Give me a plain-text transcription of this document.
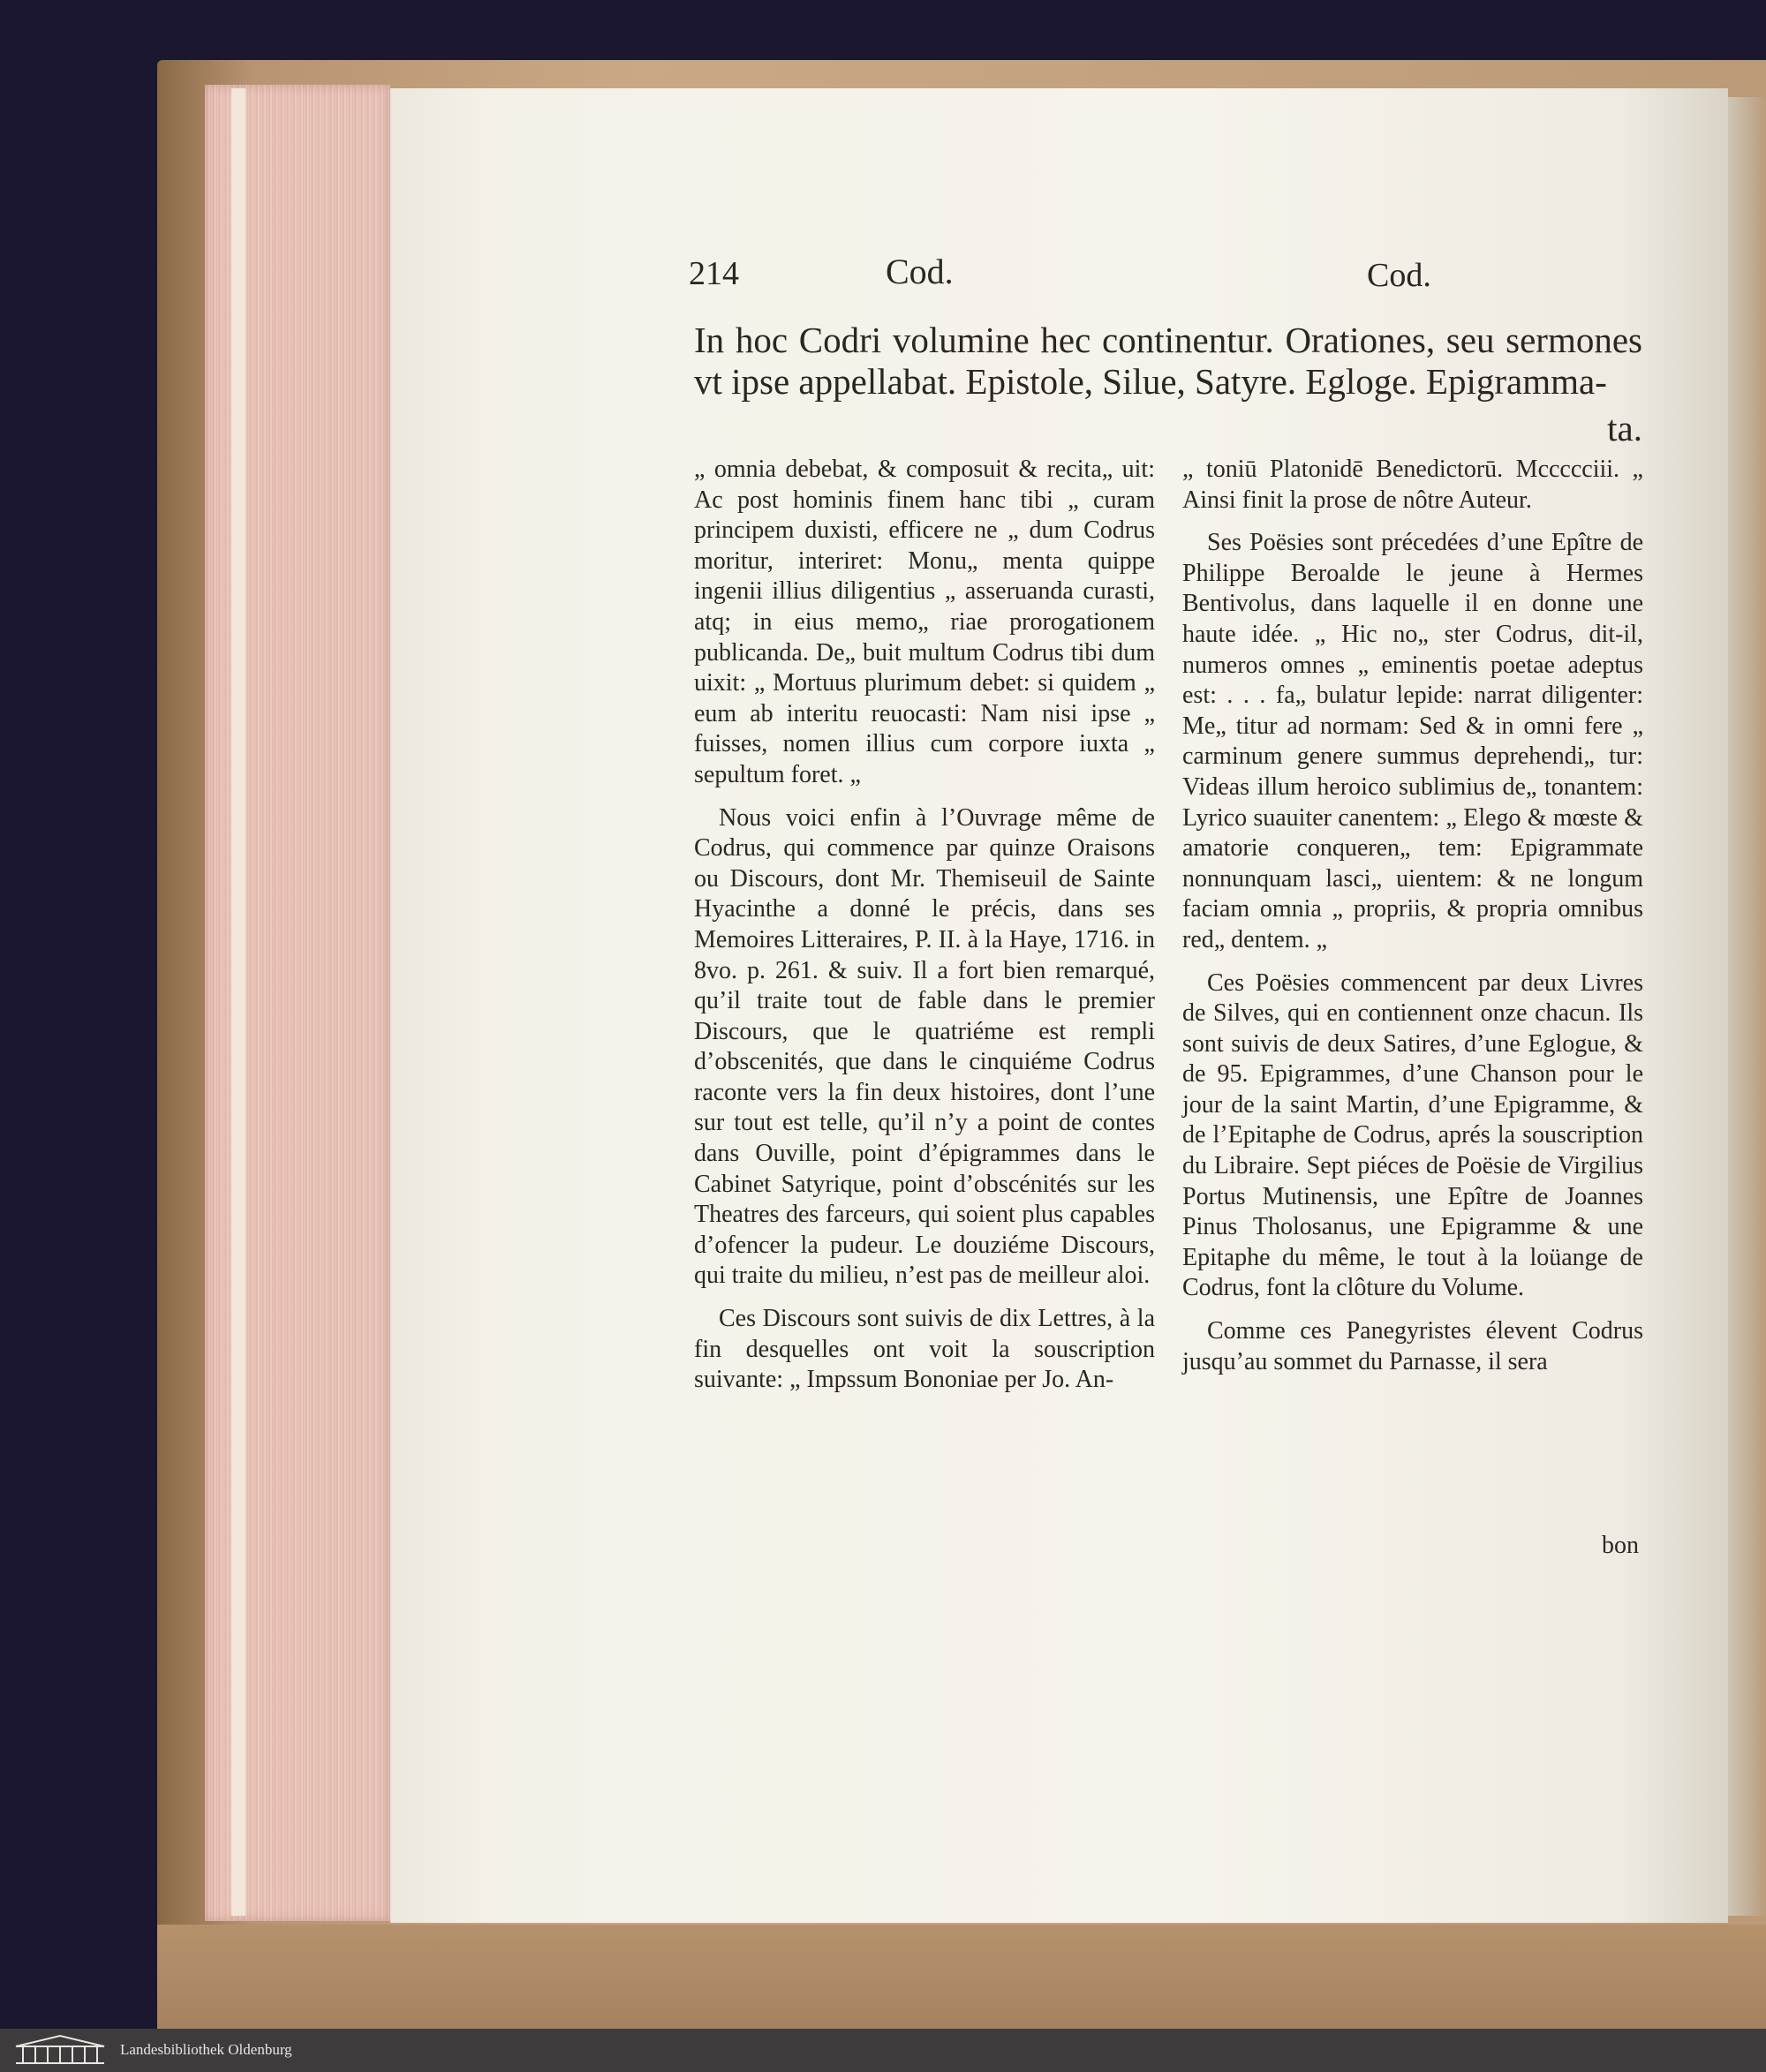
214	Cod.	Cod.
In hoc Codri volumine hec continentur. Orationes, seu sermones vt ipse appellabat. Epistole, Silue, Satyre. Egloge. Epigramma-
ta.

„ omnia debebat, & composuit & recita„ uit: Ac post hominis finem hanc tibi „ curam principem duxisti, efficere ne „ dum Codrus moritur, interiret: Monu„ menta quippe ingenii illius diligentius „ asseruanda curasti, atq; in eius memo„ riae prorogationem publicanda. De„ buit multum Codrus tibi dum uixit: „ Mortuus plurimum debet: si quidem „ eum ab interitu reuocasti: Nam nisi ipse „ fuisses, nomen illius cum corpore iuxta „ sepultum foret. „

Nous voici enfin à l’Ouvrage même de Codrus, qui commence par quinze Oraisons ou Discours, dont Mr. Themiseuil de Sainte Hyacinthe a donné le précis, dans ses Memoires Litteraires, P. II. à la Haye, 1716. in 8vo. p. 261. & suiv. Il a fort bien remarqué, qu’il traite tout de fable dans le premier Discours, que le quatriéme est rempli d’obscenités, que dans le cinquiéme Codrus raconte vers la fin deux histoires, dont l’une sur tout est telle, qu’il n’y a point de contes dans Ouville, point d’épigrammes dans le Cabinet Satyrique, point d’obscénités sur les Theatres des farceurs, qui soient plus capables d’ofencer la pudeur. Le douziéme Discours, qui traite du milieu, n’est pas de meilleur aloi.

Ces Discours sont suivis de dix Lettres, à la fin desquelles ont voit la souscription suivante: „ Impssum Bononiae per Jo. An-

„ toniū Platonidē Benedictorū. Mccccciii. „ Ainsi finit la prose de nôtre Auteur.

Ses Poësies sont précedées d’une Epître de Philippe Beroalde le jeune à Hermes Bentivolus, dans laquelle il en donne une haute idée. „ Hic no„ ster Codrus, dit-il, numeros omnes „ eminentis poetae adeptus est: . . . fa„ bulatur lepide: narrat diligenter: Me„ titur ad normam: Sed & in omni fere „ carminum genere summus deprehendi„ tur: Videas illum heroico sublimius de„ tonantem: Lyrico suauiter canentem: „ Elego & mœste & amatorie conqueren„ tem: Epigrammate nonnunquam lasci„ uientem: & ne longum faciam omnia „ propriis, & propria omnibus red„ dentem. „

Ces Poësies commencent par deux Livres de Silves, qui en contiennent onze chacun. Ils sont suivis de deux Satires, d’une Eglogue, & de 95. Epigrammes, d’une Chanson pour le jour de la saint Martin, d’une Epigramme, & de l’Epitaphe de Codrus, aprés la souscription du Libraire. Sept piéces de Poësie de Virgilius Portus Mutinensis, une Epître de Joannes Pinus Tholosanus, une Epigramme & une Epitaphe du même, le tout à la loüange de Codrus, font la clôture du Volume.

Comme ces Panegyristes élevent Codrus jusqu’au sommet du Parnasse, il sera

bon
Landesbibliothek Oldenburg
